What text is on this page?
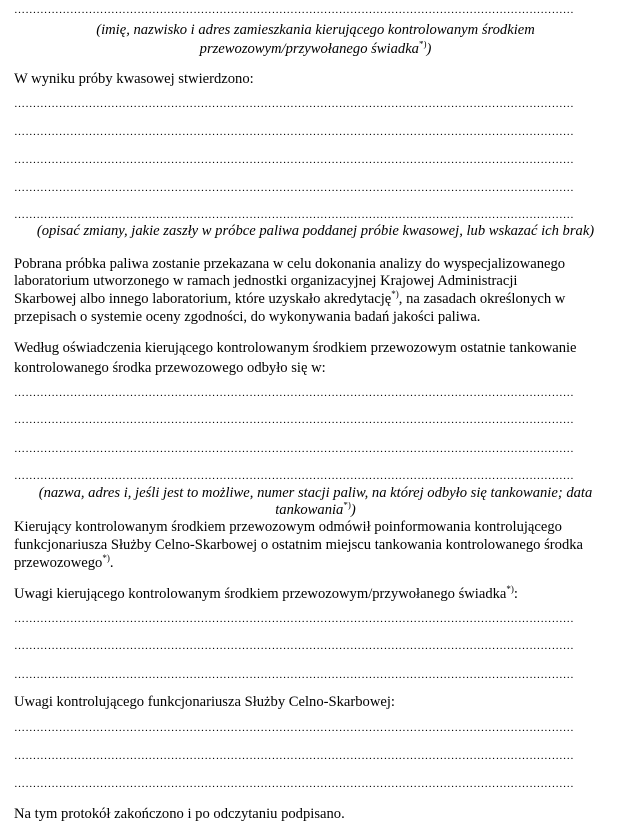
……………………………………………………………………………………………………………………………………
(imię, nazwisko i adres zamieszkania kierującego kontrolowanym środkiem
przewozowym/przywołanego świadka*))
W wyniku próby kwasowej stwierdzono:
……………………………………………………………………………………………………………………………………
……………………………………………………………………………………………………………………………………
……………………………………………………………………………………………………………………………………
……………………………………………………………………………………………………………………………………
……………………………………………………………………………………………………………………………………
(opisać zmiany, jakie zaszły w próbce paliwa poddanej próbie kwasowej, lub wskazać ich brak)
Pobrana próbka paliwa zostanie przekazana w celu dokonania analizy do wyspecjalizowanego
laboratorium utworzonego w ramach jednostki organizacyjnej Krajowej Administracji
Skarbowej albo innego laboratorium, które uzyskało akredytację*), na zasadach określonych w
przepisach o systemie oceny zgodności, do wykonywania badań jakości paliwa.
Według oświadczenia kierującego kontrolowanym środkiem przewozowym ostatnie tankowanie
kontrolowanego środka przewozowego odbyło się w:
……………………………………………………………………………………………………………………………………
……………………………………………………………………………………………………………………………………
……………………………………………………………………………………………………………………………………
……………………………………………………………………………………………………………………………………
(nazwa, adres i, jeśli jest to możliwe, numer stacji paliw, na której odbyło się tankowanie; data
tankowania*))
Kierujący kontrolowanym środkiem przewozowym odmówił poinformowania kontrolującego
funkcjonariusza Służby Celno-Skarbowej o ostatnim miejscu tankowania kontrolowanego środka
przewozowego*).
Uwagi kierującego kontrolowanym środkiem przewozowym/przywołanego świadka*):
……………………………………………………………………………………………………………………………………
……………………………………………………………………………………………………………………………………
……………………………………………………………………………………………………………………………………
Uwagi kontrolującego funkcjonariusza Służby Celno-Skarbowej:
……………………………………………………………………………………………………………………………………
……………………………………………………………………………………………………………………………………
……………………………………………………………………………………………………………………………………
Na tym protokół zakończono i po odczytaniu podpisano.
